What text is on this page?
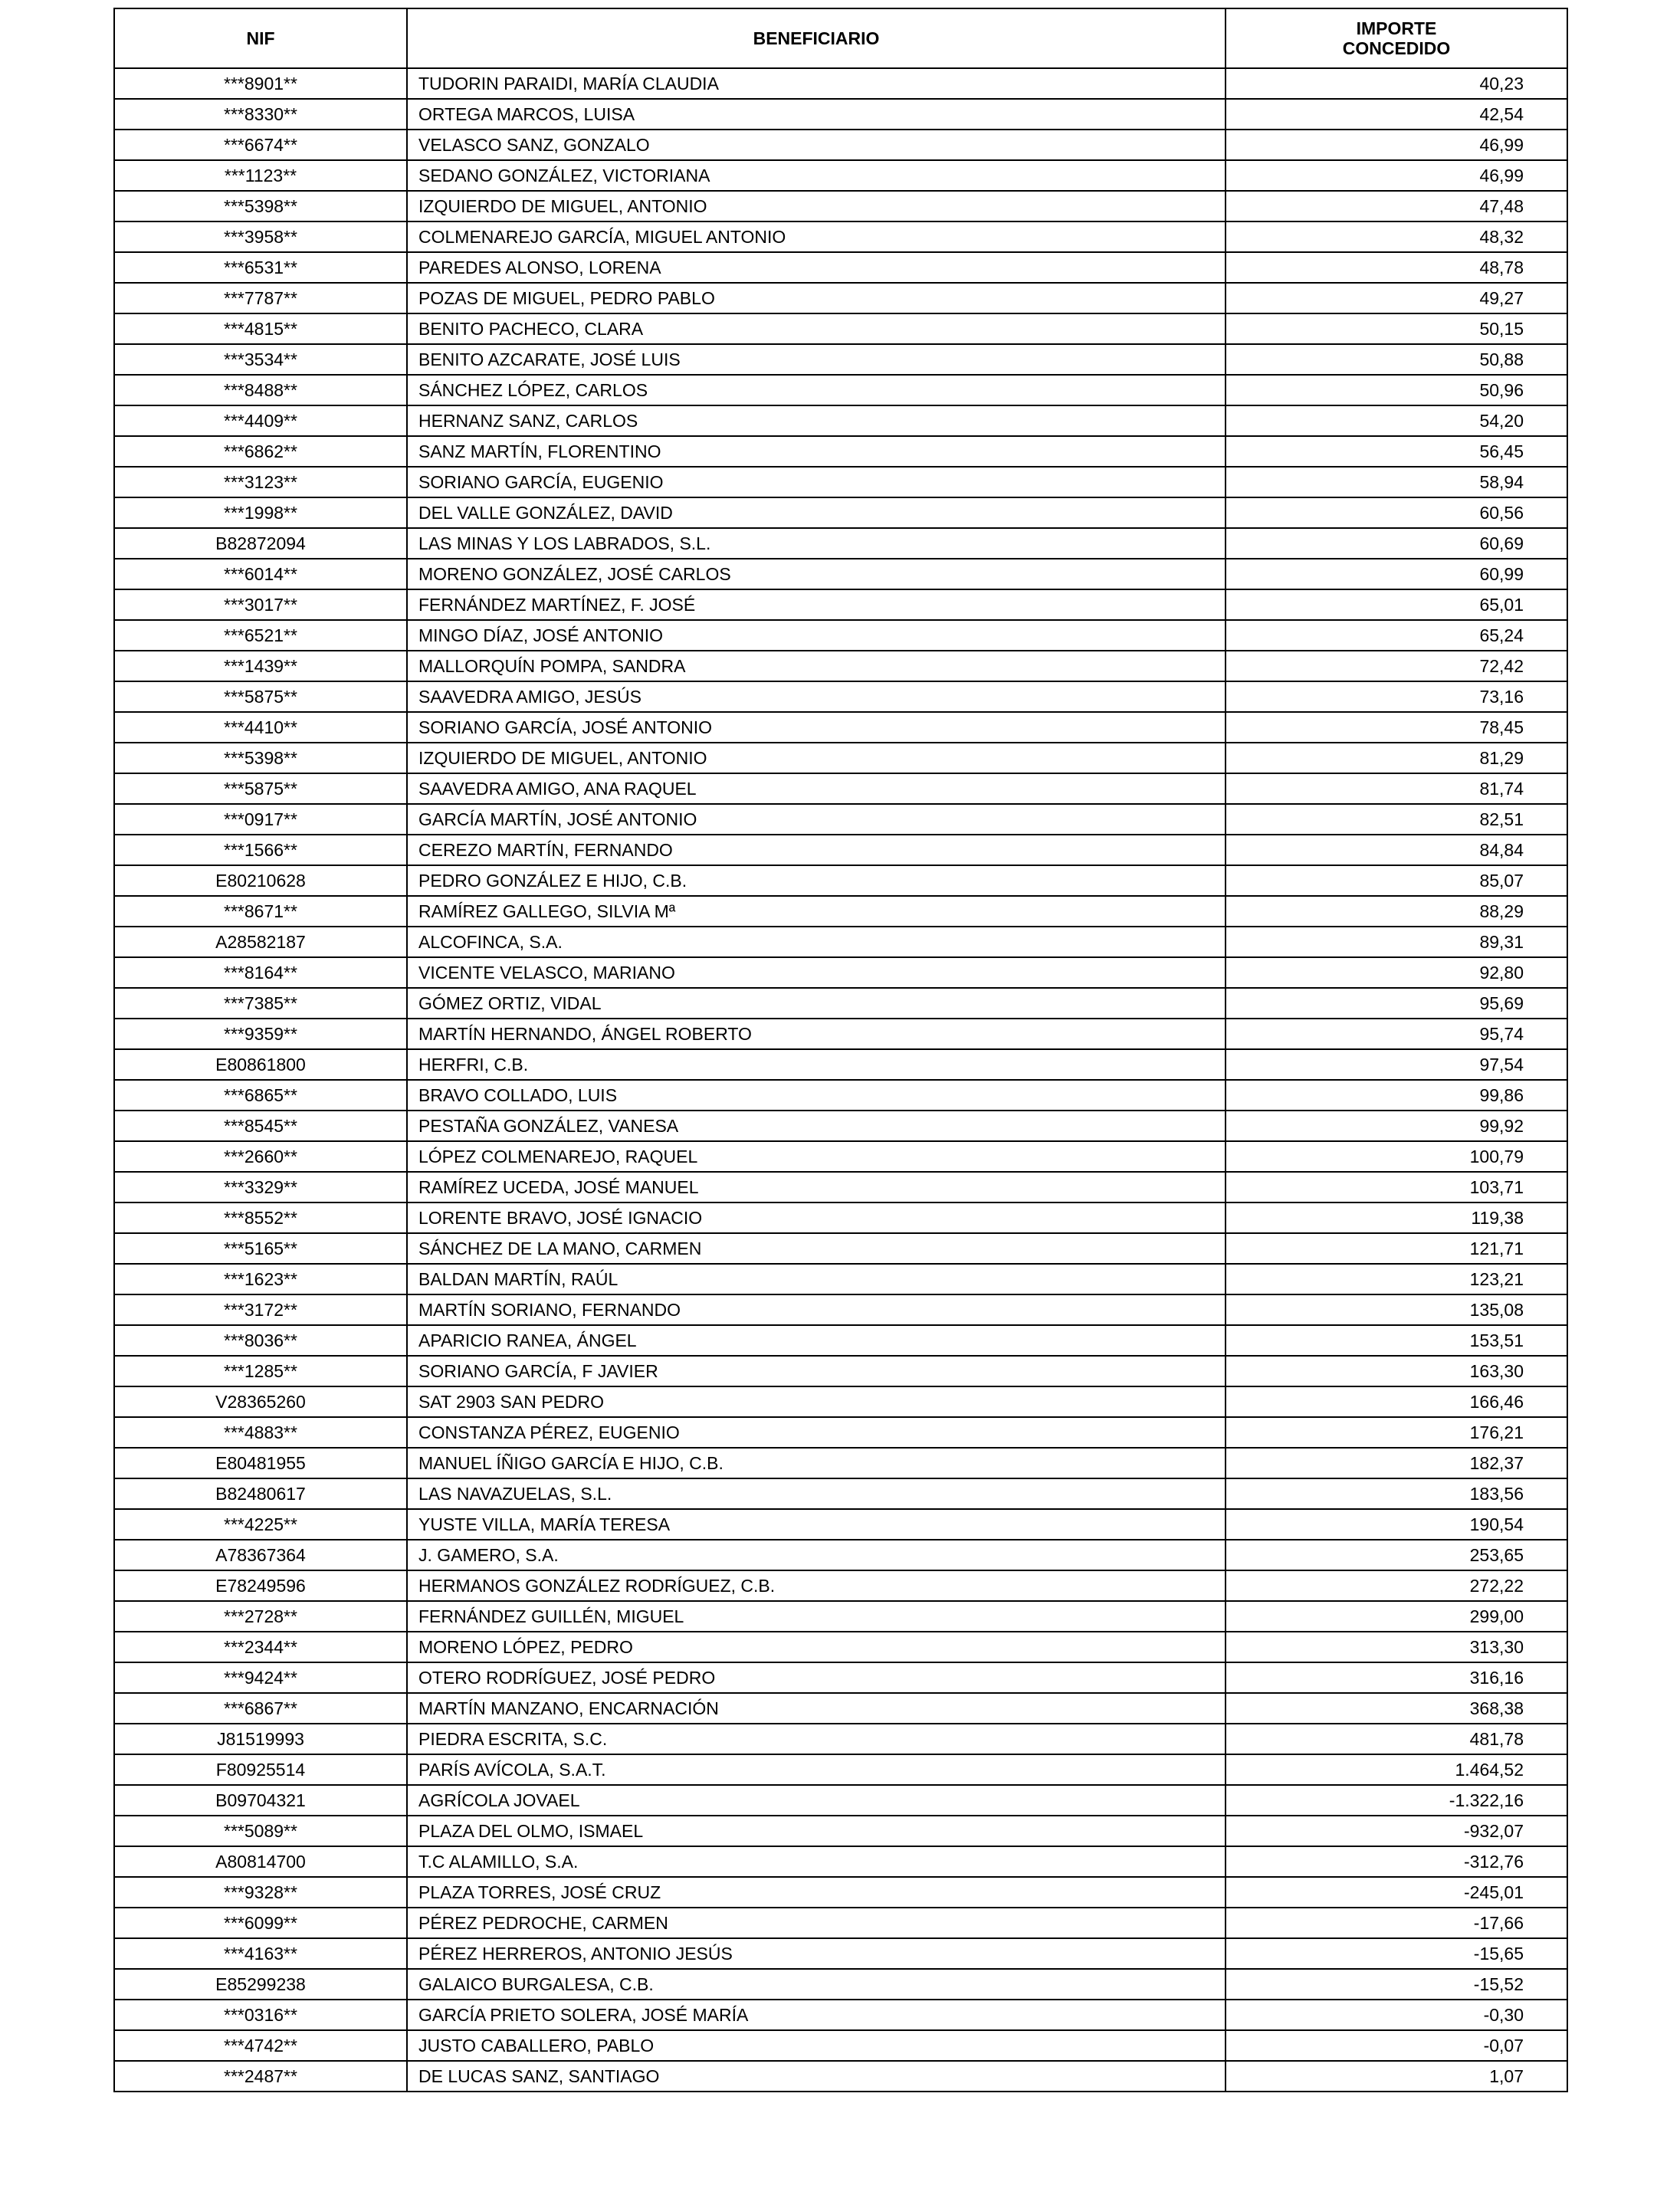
NIF	BENEFICIARIO	IMPORTE
CONCEDIDO

***8901**	TUDORIN PARAIDI, MARÍA CLAUDIA	40,23
***8330**	ORTEGA MARCOS, LUISA	42,54
***6674**	VELASCO SANZ, GONZALO	46,99
***1123**	SEDANO GONZÁLEZ, VICTORIANA	46,99
***5398**	IZQUIERDO DE MIGUEL, ANTONIO	47,48
***3958**	COLMENAREJO GARCÍA, MIGUEL ANTONIO	48,32
***6531**	PAREDES ALONSO, LORENA	48,78
***7787**	POZAS DE MIGUEL, PEDRO PABLO	49,27
***4815**	BENITO PACHECO, CLARA	50,15
***3534**	BENITO AZCARATE, JOSÉ LUIS	50,88
***8488**	SÁNCHEZ LÓPEZ, CARLOS	50,96
***4409**	HERNANZ SANZ, CARLOS	54,20
***6862**	SANZ MARTÍN, FLORENTINO	56,45
***3123**	SORIANO GARCÍA, EUGENIO	58,94
***1998**	DEL VALLE GONZÁLEZ, DAVID	60,56
B82872094	LAS MINAS Y LOS LABRADOS, S.L.	60,69
***6014**	MORENO GONZÁLEZ, JOSÉ CARLOS	60,99
***3017**	FERNÁNDEZ MARTÍNEZ, F. JOSÉ	65,01
***6521**	MINGO DÍAZ, JOSÉ ANTONIO	65,24
***1439**	MALLORQUÍN POMPA, SANDRA	72,42
***5875**	SAAVEDRA AMIGO, JESÚS	73,16
***4410**	SORIANO GARCÍA, JOSÉ ANTONIO	78,45
***5398**	IZQUIERDO DE MIGUEL, ANTONIO	81,29
***5875**	SAAVEDRA AMIGO, ANA RAQUEL	81,74
***0917**	GARCÍA MARTÍN, JOSÉ ANTONIO	82,51
***1566**	CEREZO MARTÍN, FERNANDO	84,84
E80210628	PEDRO GONZÁLEZ E HIJO, C.B.	85,07
***8671**	RAMÍREZ GALLEGO, SILVIA Mª	88,29
A28582187	ALCOFINCA, S.A.	89,31
***8164**	VICENTE VELASCO, MARIANO	92,80
***7385**	GÓMEZ ORTIZ, VIDAL	95,69
***9359**	MARTÍN HERNANDO, ÁNGEL ROBERTO	95,74
E80861800	HERFRI, C.B.	97,54
***6865**	BRAVO COLLADO, LUIS	99,86
***8545**	PESTAÑA GONZÁLEZ, VANESA	99,92
***2660**	LÓPEZ COLMENAREJO, RAQUEL	100,79
***3329**	RAMÍREZ UCEDA, JOSÉ MANUEL	103,71
***8552**	LORENTE BRAVO, JOSÉ IGNACIO	119,38
***5165**	SÁNCHEZ DE LA MANO, CARMEN	121,71
***1623**	BALDAN MARTÍN, RAÚL	123,21
***3172**	MARTÍN SORIANO, FERNANDO	135,08
***8036**	APARICIO RANEA, ÁNGEL	153,51
***1285**	SORIANO GARCÍA, F JAVIER	163,30
V28365260	SAT 2903 SAN PEDRO	166,46
***4883**	CONSTANZA PÉREZ, EUGENIO	176,21
E80481955	MANUEL ÍÑIGO GARCÍA E HIJO, C.B.	182,37
B82480617	LAS NAVAZUELAS, S.L.	183,56
***4225**	YUSTE VILLA, MARÍA TERESA	190,54
A78367364	J. GAMERO, S.A.	253,65
E78249596	HERMANOS GONZÁLEZ RODRÍGUEZ, C.B.	272,22
***2728**	FERNÁNDEZ GUILLÉN, MIGUEL	299,00
***2344**	MORENO LÓPEZ, PEDRO	313,30
***9424**	OTERO RODRÍGUEZ, JOSÉ PEDRO	316,16
***6867**	MARTÍN MANZANO, ENCARNACIÓN	368,38
J81519993	PIEDRA ESCRITA, S.C.	481,78
F80925514	PARÍS AVÍCOLA, S.A.T.	1.464,52
B09704321	AGRÍCOLA JOVAEL	-1.322,16
***5089**	PLAZA DEL OLMO, ISMAEL	-932,07
A80814700	T.C ALAMILLO, S.A.	-312,76
***9328**	PLAZA TORRES, JOSÉ CRUZ	-245,01
***6099**	PÉREZ PEDROCHE, CARMEN	-17,66
***4163**	PÉREZ HERREROS, ANTONIO JESÚS	-15,65
E85299238	GALAICO BURGALESA, C.B.	-15,52
***0316**	GARCÍA PRIETO SOLERA, JOSÉ MARÍA	-0,30
***4742**	JUSTO CABALLERO, PABLO	-0,07
***2487**	DE LUCAS SANZ, SANTIAGO	1,07
